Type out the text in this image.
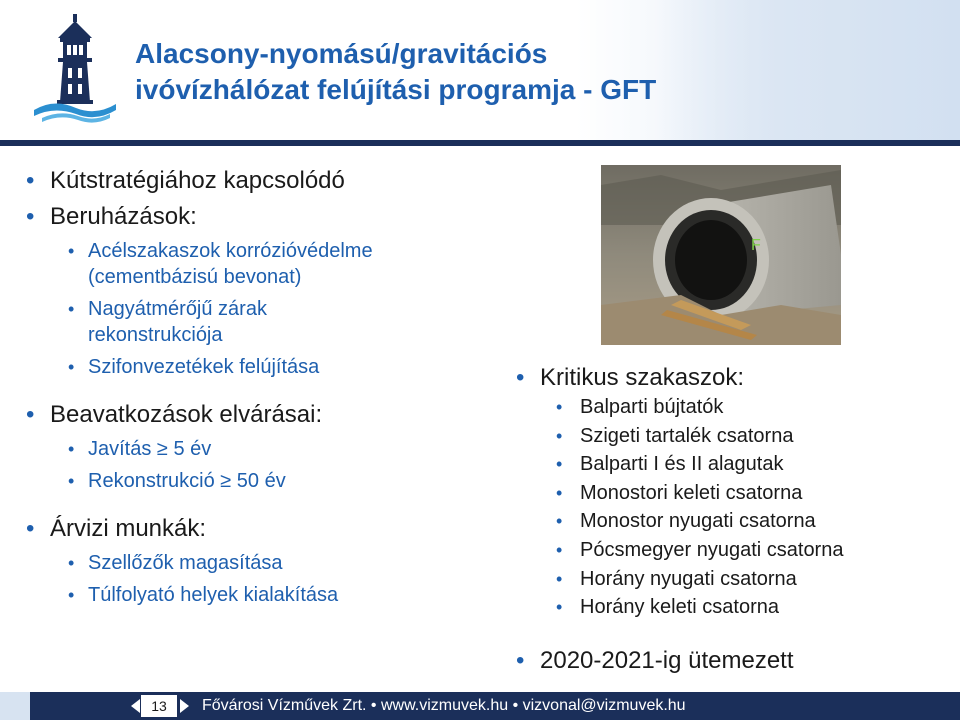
Alacsony-nyomású/gravitációs
ivóvízhálózat felújítási programja - GFT
• Kútstratégiához kapcsolódó
• Beruházások:
• Acélszakaszok korrózióvédelme (cementbázisú bevonat)
• Nagyátmérőjű zárak rekonstrukciója
• Szifonvezetékek felújítása
• Beavatkozások elvárásai:
• Javítás ≥ 5 év
• Rekonstrukció ≥ 50 év
• Árvizi munkák:
• Szellőzők magasítása
• Túlfolyató helyek kialakítása
F
• Kritikus szakaszok:
• Balparti bújtatók
• Szigeti tartalék csatorna
• Balparti I és II alagutak
• Monostori keleti csatorna
• Monostor nyugati csatorna
• Pócsmegyer nyugati csatorna
• Horány nyugati csatorna
• Horány keleti csatorna
• 2020-2021-ig ütemezett
13	Fővárosi Vízművek Zrt. • www.vizmuvek.hu • vizvonal@vizmuvek.hu
